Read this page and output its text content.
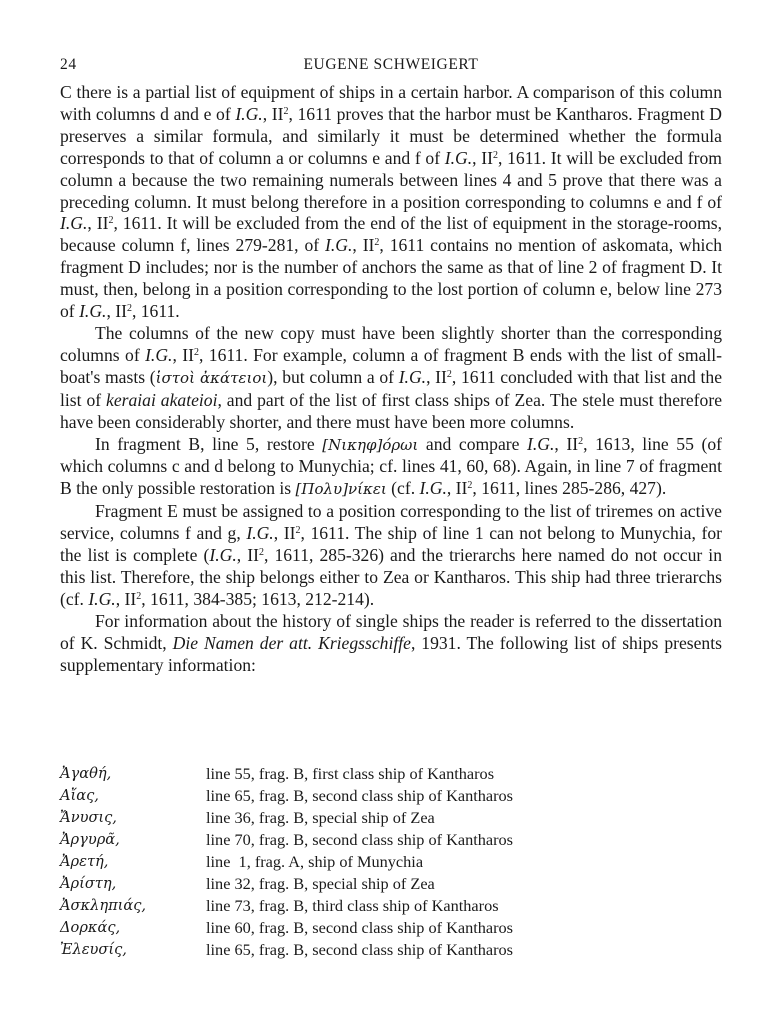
24	EUGENE SCHWEIGERT

C there is a partial list of equipment of ships in a certain harbor. A comparison of this column with columns d and e of I.G., $II^2$, 1611 proves that the harbor must be Kantharos. Fragment D preserves a similar formula, and similarly it must be determined whether the formula corresponds to that of column a or columns e and f of I.G., $II^2$, 1611. It will be excluded from column a because the two remaining numerals between lines 4 and 5 prove that there was a preceding column. It must belong therefore in a position corresponding to columns e and f of I.G., $II^2$, 1611. It will be excluded from the end of the list of equipment in the storage-rooms, because column f, lines 279-281, of I.G., $II^2$, 1611 contains no mention of askomata, which fragment D includes; nor is the number of anchors the same as that of line 2 of fragment D. It must, then, belong in a position corresponding to the lost portion of column e, below line 273 of I.G., $II^2$, 1611.

The columns of the new copy must have been slightly shorter than the corresponding columns of I.G., $II^2$, 1611. For example, column a of fragment B ends with the list of small-boat's masts (ἱστοὶ ἀκάτειοι), but column a of I.G., $II^2$, 1611 concluded with that list and the list of keraiai akateioi, and part of the list of first class ships of Zea. The stele must therefore have been considerably shorter, and there must have been more columns.

In fragment B, line 5, restore [Νικηφ]όρωι and compare I.G., $II^2$, 1613, line 55 (of which columns c and d belong to Munychia; cf. lines 41, 60, 68). Again, in line 7 of fragment B the only possible restoration is [Πολυ]νίκει (cf. I.G., $II^2$, 1611, lines 285-286, 427).

Fragment E must be assigned to a position corresponding to the list of triremes on active service, columns f and g, I.G., $II^2$, 1611. The ship of line 1 can not belong to Munychia, for the list is complete (I.G., $II^2$, 1611, 285-326) and the trierarchs here named do not occur in this list. Therefore, the ship belongs either to Zea or Kantharos. This ship had three trierarchs (cf. I.G., $II^2$, 1611, 384-385; 1613, 212-214).

For information about the history of single ships the reader is referred to the dissertation of K. Schmidt, Die Namen der att. Kriegsschiffe, 1931. The following list of ships presents supplementary information:

Ἀγαθή,	line 55, frag. B, first class ship of Kantharos
Αἴας,	line 65, frag. B, second class ship of Kantharos
Ἄνυσις,	line 36, frag. B, special ship of Zea
Ἀργυρᾶ,	line 70, frag. B, second class ship of Kantharos
Ἀρετή,	line  1, frag. A, ship of Munychia
Ἀρίστη,	line 32, frag. B, special ship of Zea
Ἀσκληπιάς,	line 73, frag. B, third class ship of Kantharos
Δορκάς,	line 60, frag. B, second class ship of Kantharos
Ἐλευσίς,	line 65, frag. B, second class ship of Kantharos
